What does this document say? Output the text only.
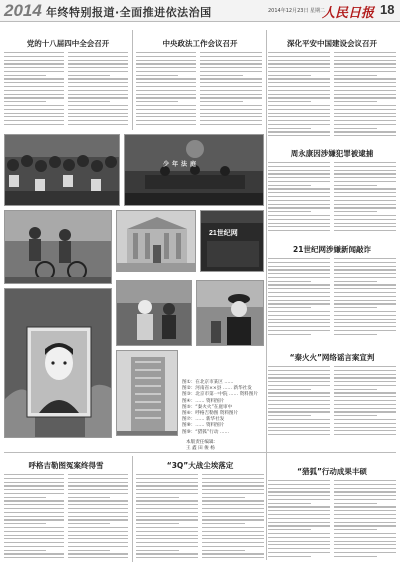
2014 年终特别报道·全面推进依法治国	2014年12月23日 星期二
人民日报 18
党的十八届四中全会召开	中央政法工作会议召开	深化平安中国建设会议召开
少年法庭
周永康因涉嫌犯罪被逮捕
21世纪网
21世纪网涉嫌新闻敲诈
“秦火火”网络谣言案宣判
图①：在北京市某区 ……
图②：河南省××县 …… 新华社发
图③：北京市第一中院 …… 资料图片
图④：…… 资料图片
图⑤：“秦火火”在庭审中
图⑥：呼格吉勒图 资料图片
图⑦：…… 新华社发
图⑧：…… 资料图片
图⑨：“猎狐”行动 ……
本版责任编辑：
王 鑫 田 俊 杨
呼格吉勒图冤案终得雪	“3Q”大战尘埃落定
“猎狐”行动成果丰硕
